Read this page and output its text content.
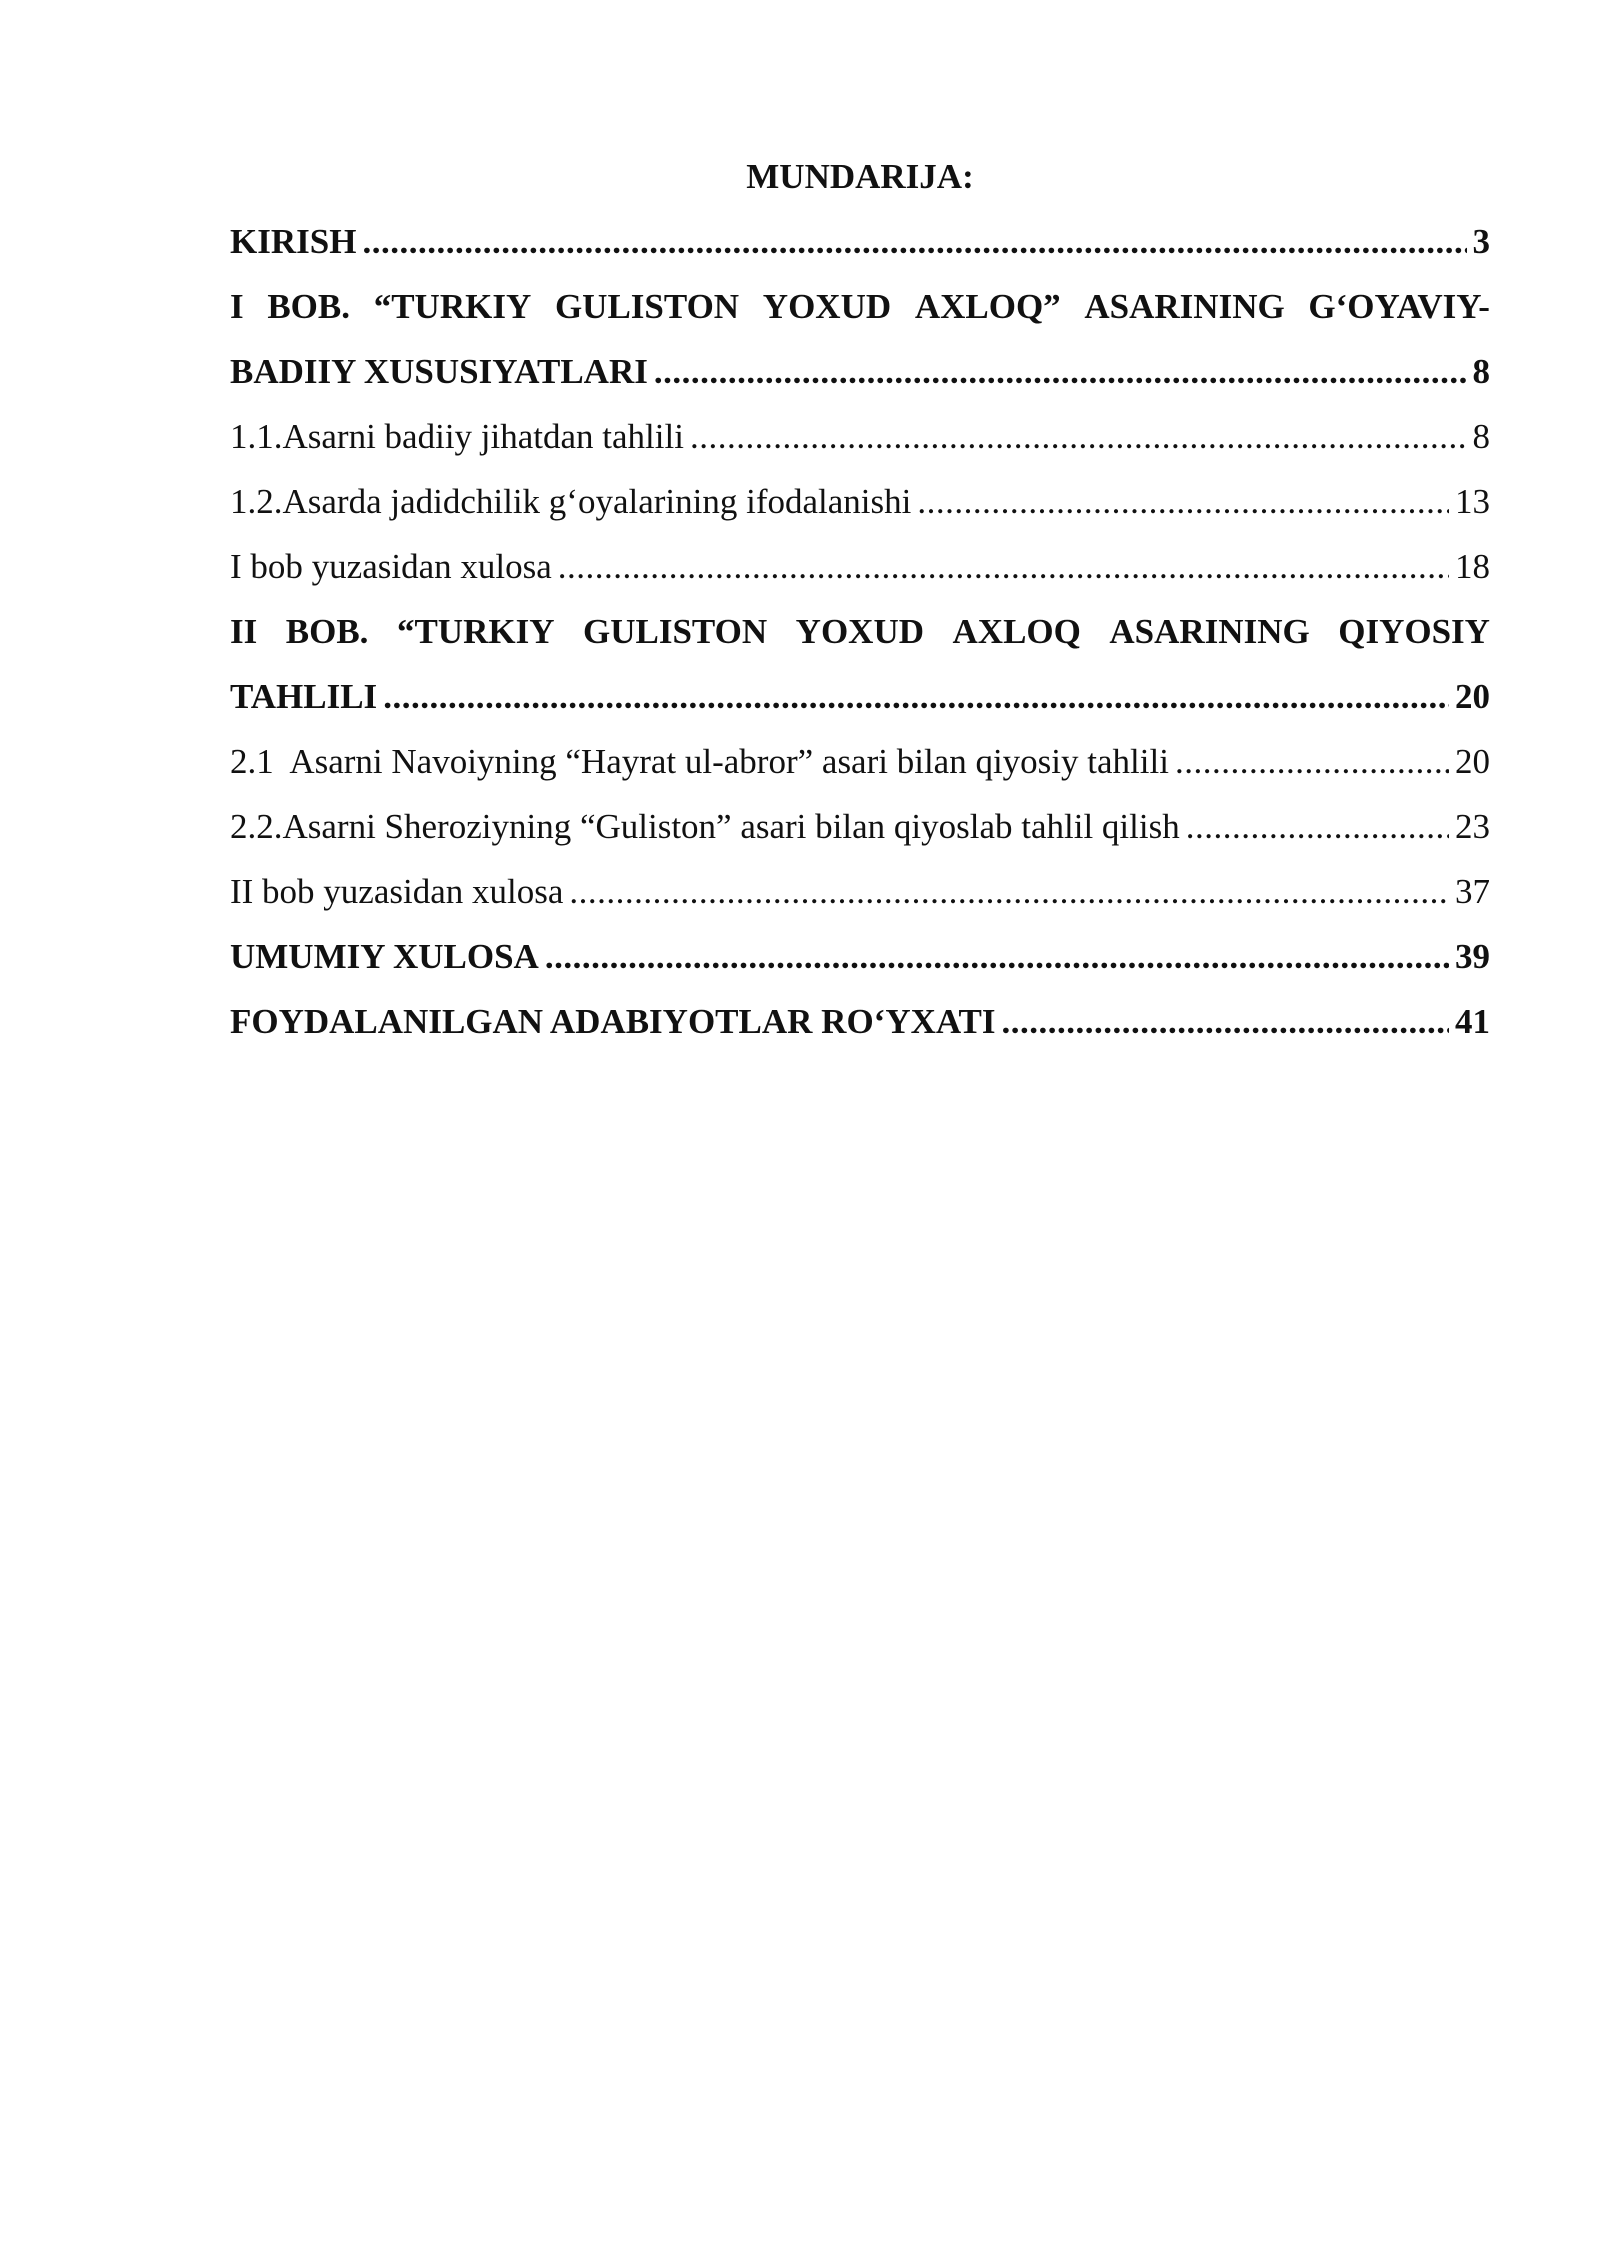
MUNDARIJA:
KIRISH .....	3
I BOB. “TURKIY GULISTON YOXUD AXLOQ” ASARINING G‘OYAVIY-
BADIIY XUSUSIYATLARI .....	8
1.1.Asarni badiiy jihatdan tahlili .....	8
1.2.Asarda jadidchilik g‘oyalarining ifodalanishi .....	13
I bob yuzasidan xulosa .....	18
II BOB. “TURKIY GULISTON YOXUD AXLOQ ASARINING QIYOSIY
TAHLILI .....	20
2.1  Asarni Navoiyning “Hayrat ul-abror” asari bilan qiyosiy tahlili .....	20
2.2.Asarni Sheroziyning “Guliston” asari bilan qiyoslab tahlil qilish .....	23
II bob yuzasidan xulosa .....	37
UMUMIY XULOSA .....	39
FOYDALANILGAN ADABIYOTLAR RO‘YXATI .....	41
